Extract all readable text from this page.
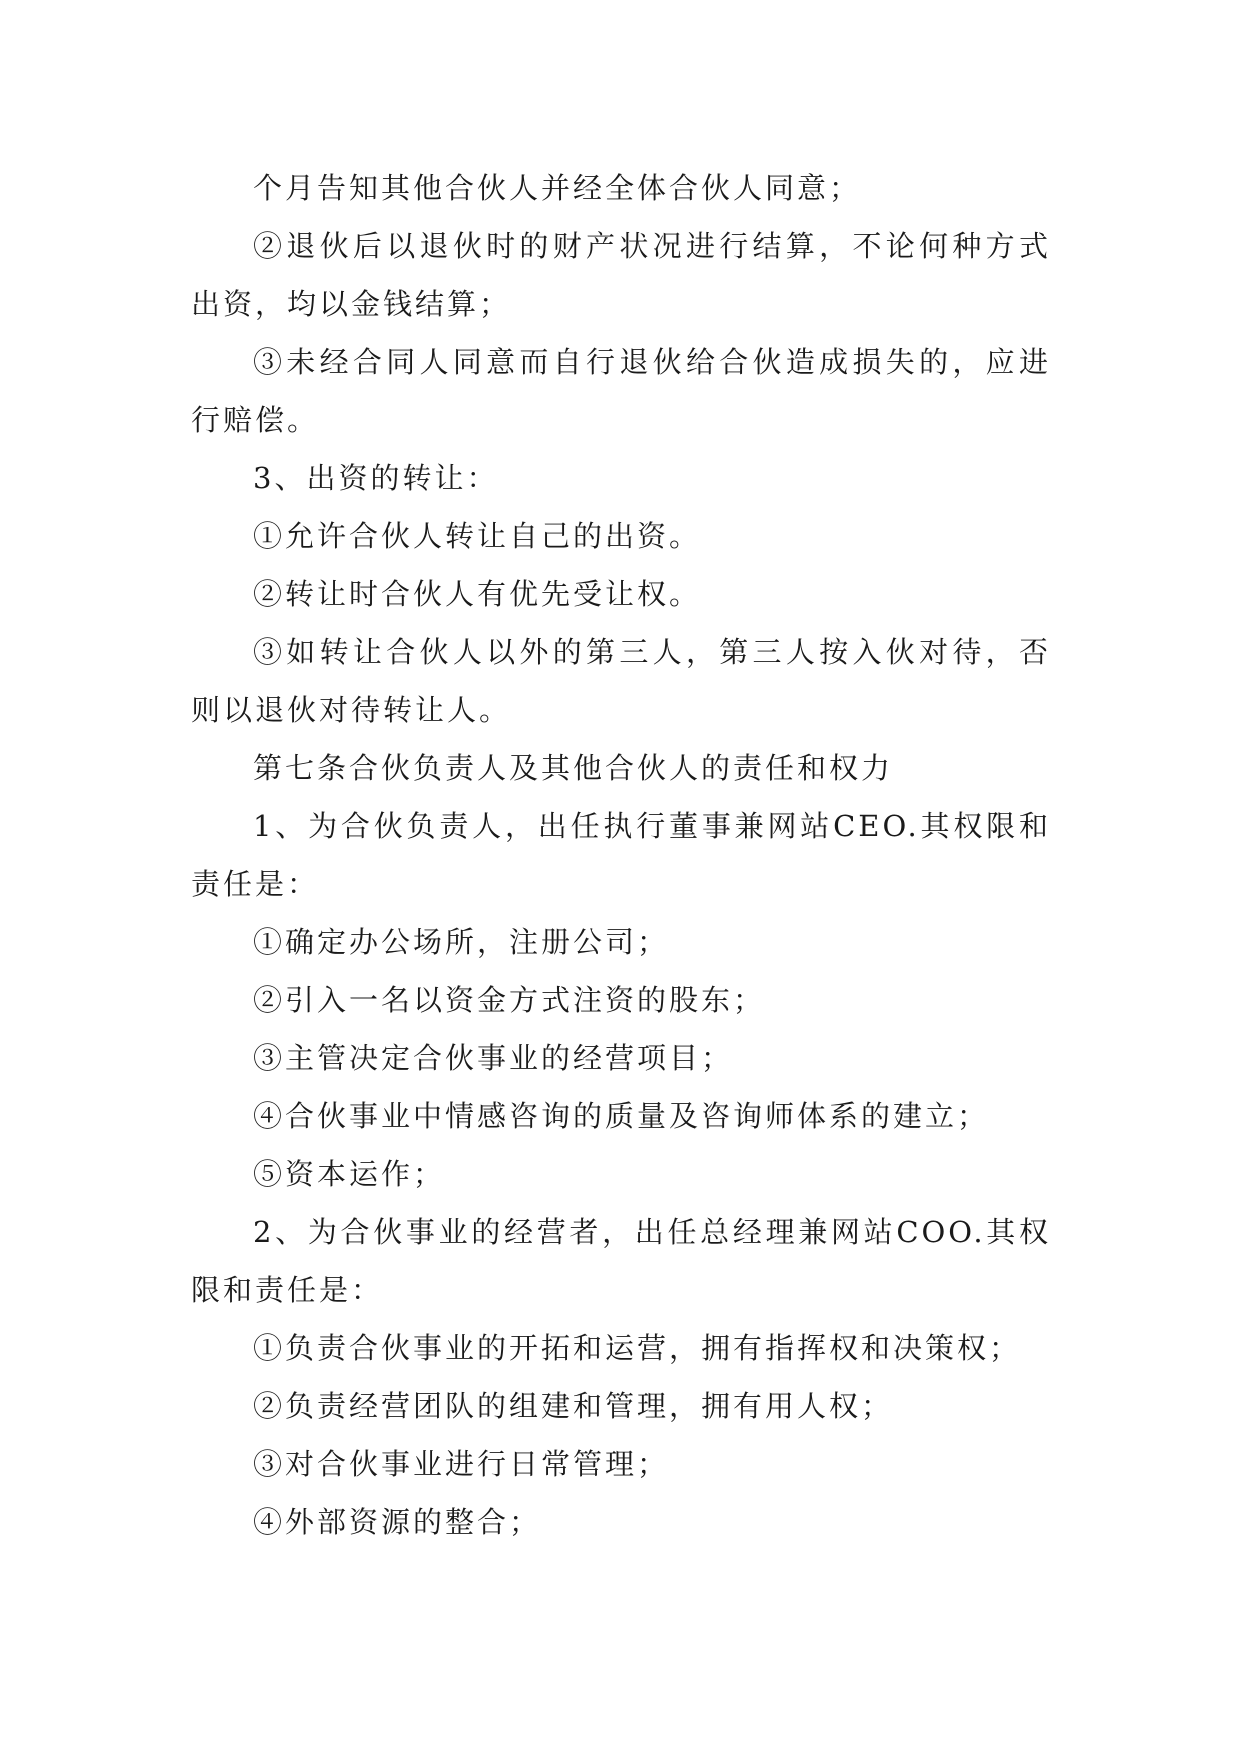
个月告知其他合伙人并经全体合伙人同意；

②退伙后以退伙时的财产状况进行结算，不论何种方式出资，均以金钱结算；

③未经合同人同意而自行退伙给合伙造成损失的，应进行赔偿。

3、出资的转让：

①允许合伙人转让自己的出资。

②转让时合伙人有优先受让权。

③如转让合伙人以外的第三人，第三人按入伙对待，否则以退伙对待转让人。

第七条合伙负责人及其他合伙人的责任和权力

1、为合伙负责人，出任执行董事兼网站CEO.其权限和责任是：

①确定办公场所，注册公司；

②引入一名以资金方式注资的股东；

③主管决定合伙事业的经营项目；

④合伙事业中情感咨询的质量及咨询师体系的建立；

⑤资本运作；

2、为合伙事业的经营者，出任总经理兼网站COO.其权限和责任是：

①负责合伙事业的开拓和运营，拥有指挥权和决策权；

②负责经营团队的组建和管理，拥有用人权；

③对合伙事业进行日常管理；

④外部资源的整合；
